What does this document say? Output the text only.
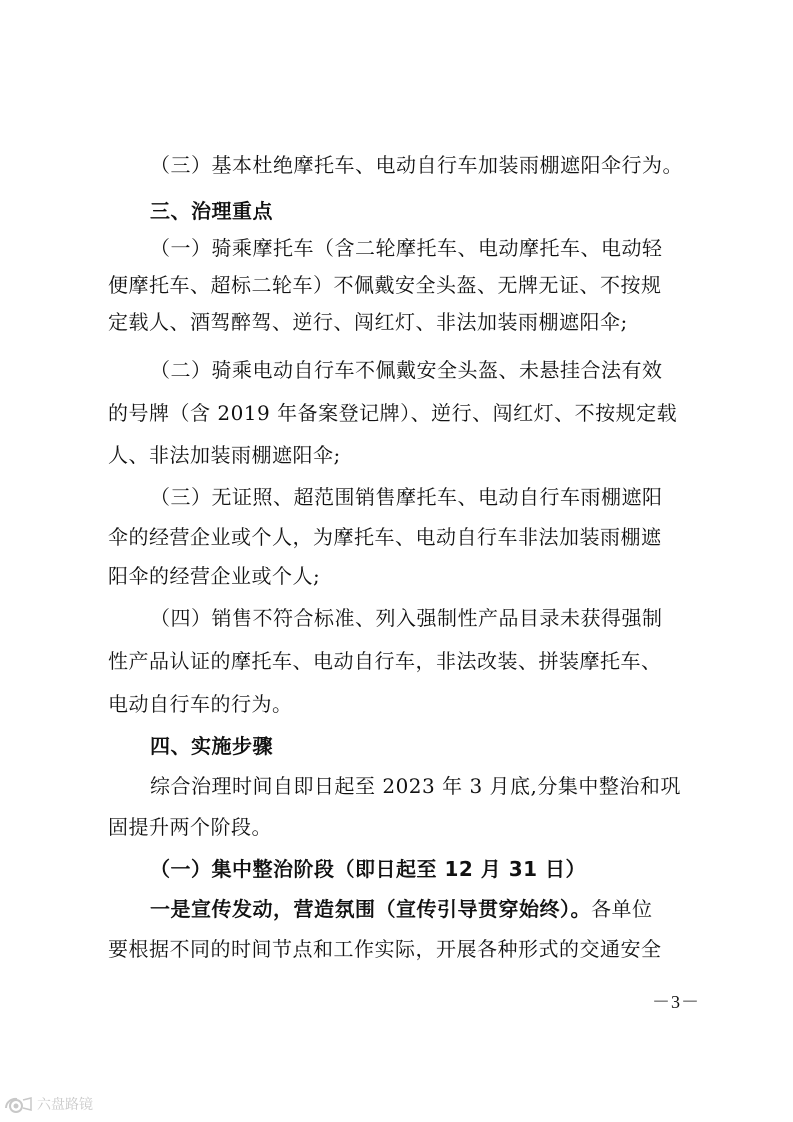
（三）基本杜绝摩托车、电动自行车加装雨棚遮阳伞行为。
三、治理重点
（一）骑乘摩托车（含二轮摩托车、电动摩托车、电动轻
便摩托车、超标二轮车）不佩戴安全头盔、无牌无证、不按规
定载人、酒驾醉驾、逆行、闯红灯、非法加装雨棚遮阳伞;
（二）骑乘电动自行车不佩戴安全头盔、未悬挂合法有效
的号牌（含 2019 年备案登记牌）、逆行、闯红灯、不按规定载
人、非法加装雨棚遮阳伞;
（三）无证照、超范围销售摩托车、电动自行车雨棚遮阳
伞的经营企业或个人，为摩托车、电动自行车非法加装雨棚遮
阳伞的经营企业或个人;
（四）销售不符合标准、列入强制性产品目录未获得强制
性产品认证的摩托车、电动自行车，非法改装、拼装摩托车、
电动自行车的行为。
四、实施步骤
综合治理时间自即日起至 2023 年 3 月底,分集中整治和巩
固提升两个阶段。
（一）集中整治阶段（即日起至 12 月 31 日）
一是宣传发动，营造氛围（宣传引导贯穿始终）。各单位
要根据不同的时间节点和工作实际，开展各种形式的交通安全
－3－
六盘路镜
